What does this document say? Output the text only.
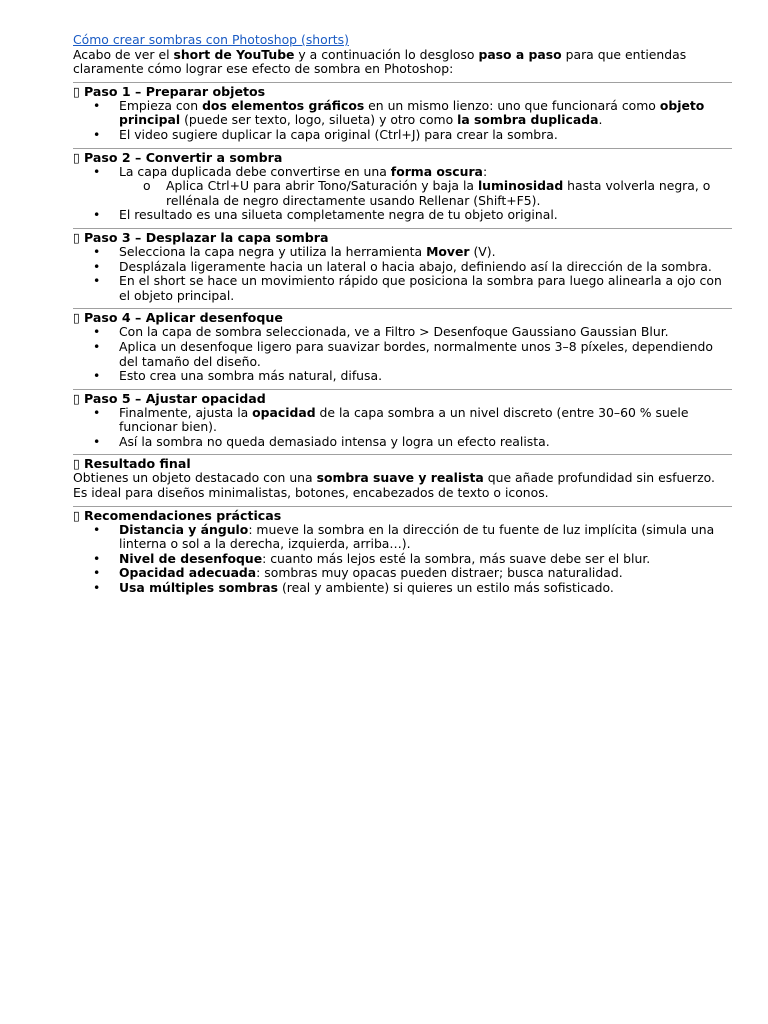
Cómo crear sombras con Photoshop (shorts)

Acabo de ver el short de YouTube y a continuación lo desgloso paso a paso para que entiendas claramente cómo lograr ese efecto de sombra en Photoshop:

▯ Paso 1 – Preparar objetos
• Empieza con dos elementos gráficos en un mismo lienzo: uno que funcionará como objeto principal (puede ser texto, logo, silueta) y otro como la sombra duplicada.
• El video sugiere duplicar la capa original (Ctrl+J) para crear la sombra.
▯ Paso 2 – Convertir a sombra
• La capa duplicada debe convertirse en una forma oscura:
o Aplica Ctrl+U para abrir Tono/Saturación y baja la luminosidad hasta volverla negra, o rellénala de negro directamente usando Rellenar (Shift+F5).
• El resultado es una silueta completamente negra de tu objeto original.
▯ Paso 3 – Desplazar la capa sombra
• Selecciona la capa negra y utiliza la herramienta Mover (V).
• Desplázala ligeramente hacia un lateral o hacia abajo, definiendo así la dirección de la sombra.
• En el short se hace un movimiento rápido que posiciona la sombra para luego alinearla a ojo con el objeto principal.
▯ Paso 4 – Aplicar desenfoque
• Con la capa de sombra seleccionada, ve a Filtro > Desenfoque Gaussiano Gaussian Blur.
• Aplica un desenfoque ligero para suavizar bordes, normalmente unos 3–8 píxeles, dependiendo del tamaño del diseño.
• Esto crea una sombra más natural, difusa.
▯ Paso 5 – Ajustar opacidad
• Finalmente, ajusta la opacidad de la capa sombra a un nivel discreto (entre 30–60 % suele funcionar bien).
• Así la sombra no queda demasiado intensa y logra un efecto realista.
▯ Resultado final

Obtienes un objeto destacado con una sombra suave y realista que añade profundidad sin esfuerzo. Es ideal para diseños minimalistas, botones, encabezados de texto o iconos.

▯ Recomendaciones prácticas
• Distancia y ángulo: mueve la sombra en la dirección de tu fuente de luz implícita (simula una linterna o sol a la derecha, izquierda, arriba…).
• Nivel de desenfoque: cuanto más lejos esté la sombra, más suave debe ser el blur.
• Opacidad adecuada: sombras muy opacas pueden distraer; busca naturalidad.
• Usa múltiples sombras (real y ambiente) si quieres un estilo más sofisticado.
